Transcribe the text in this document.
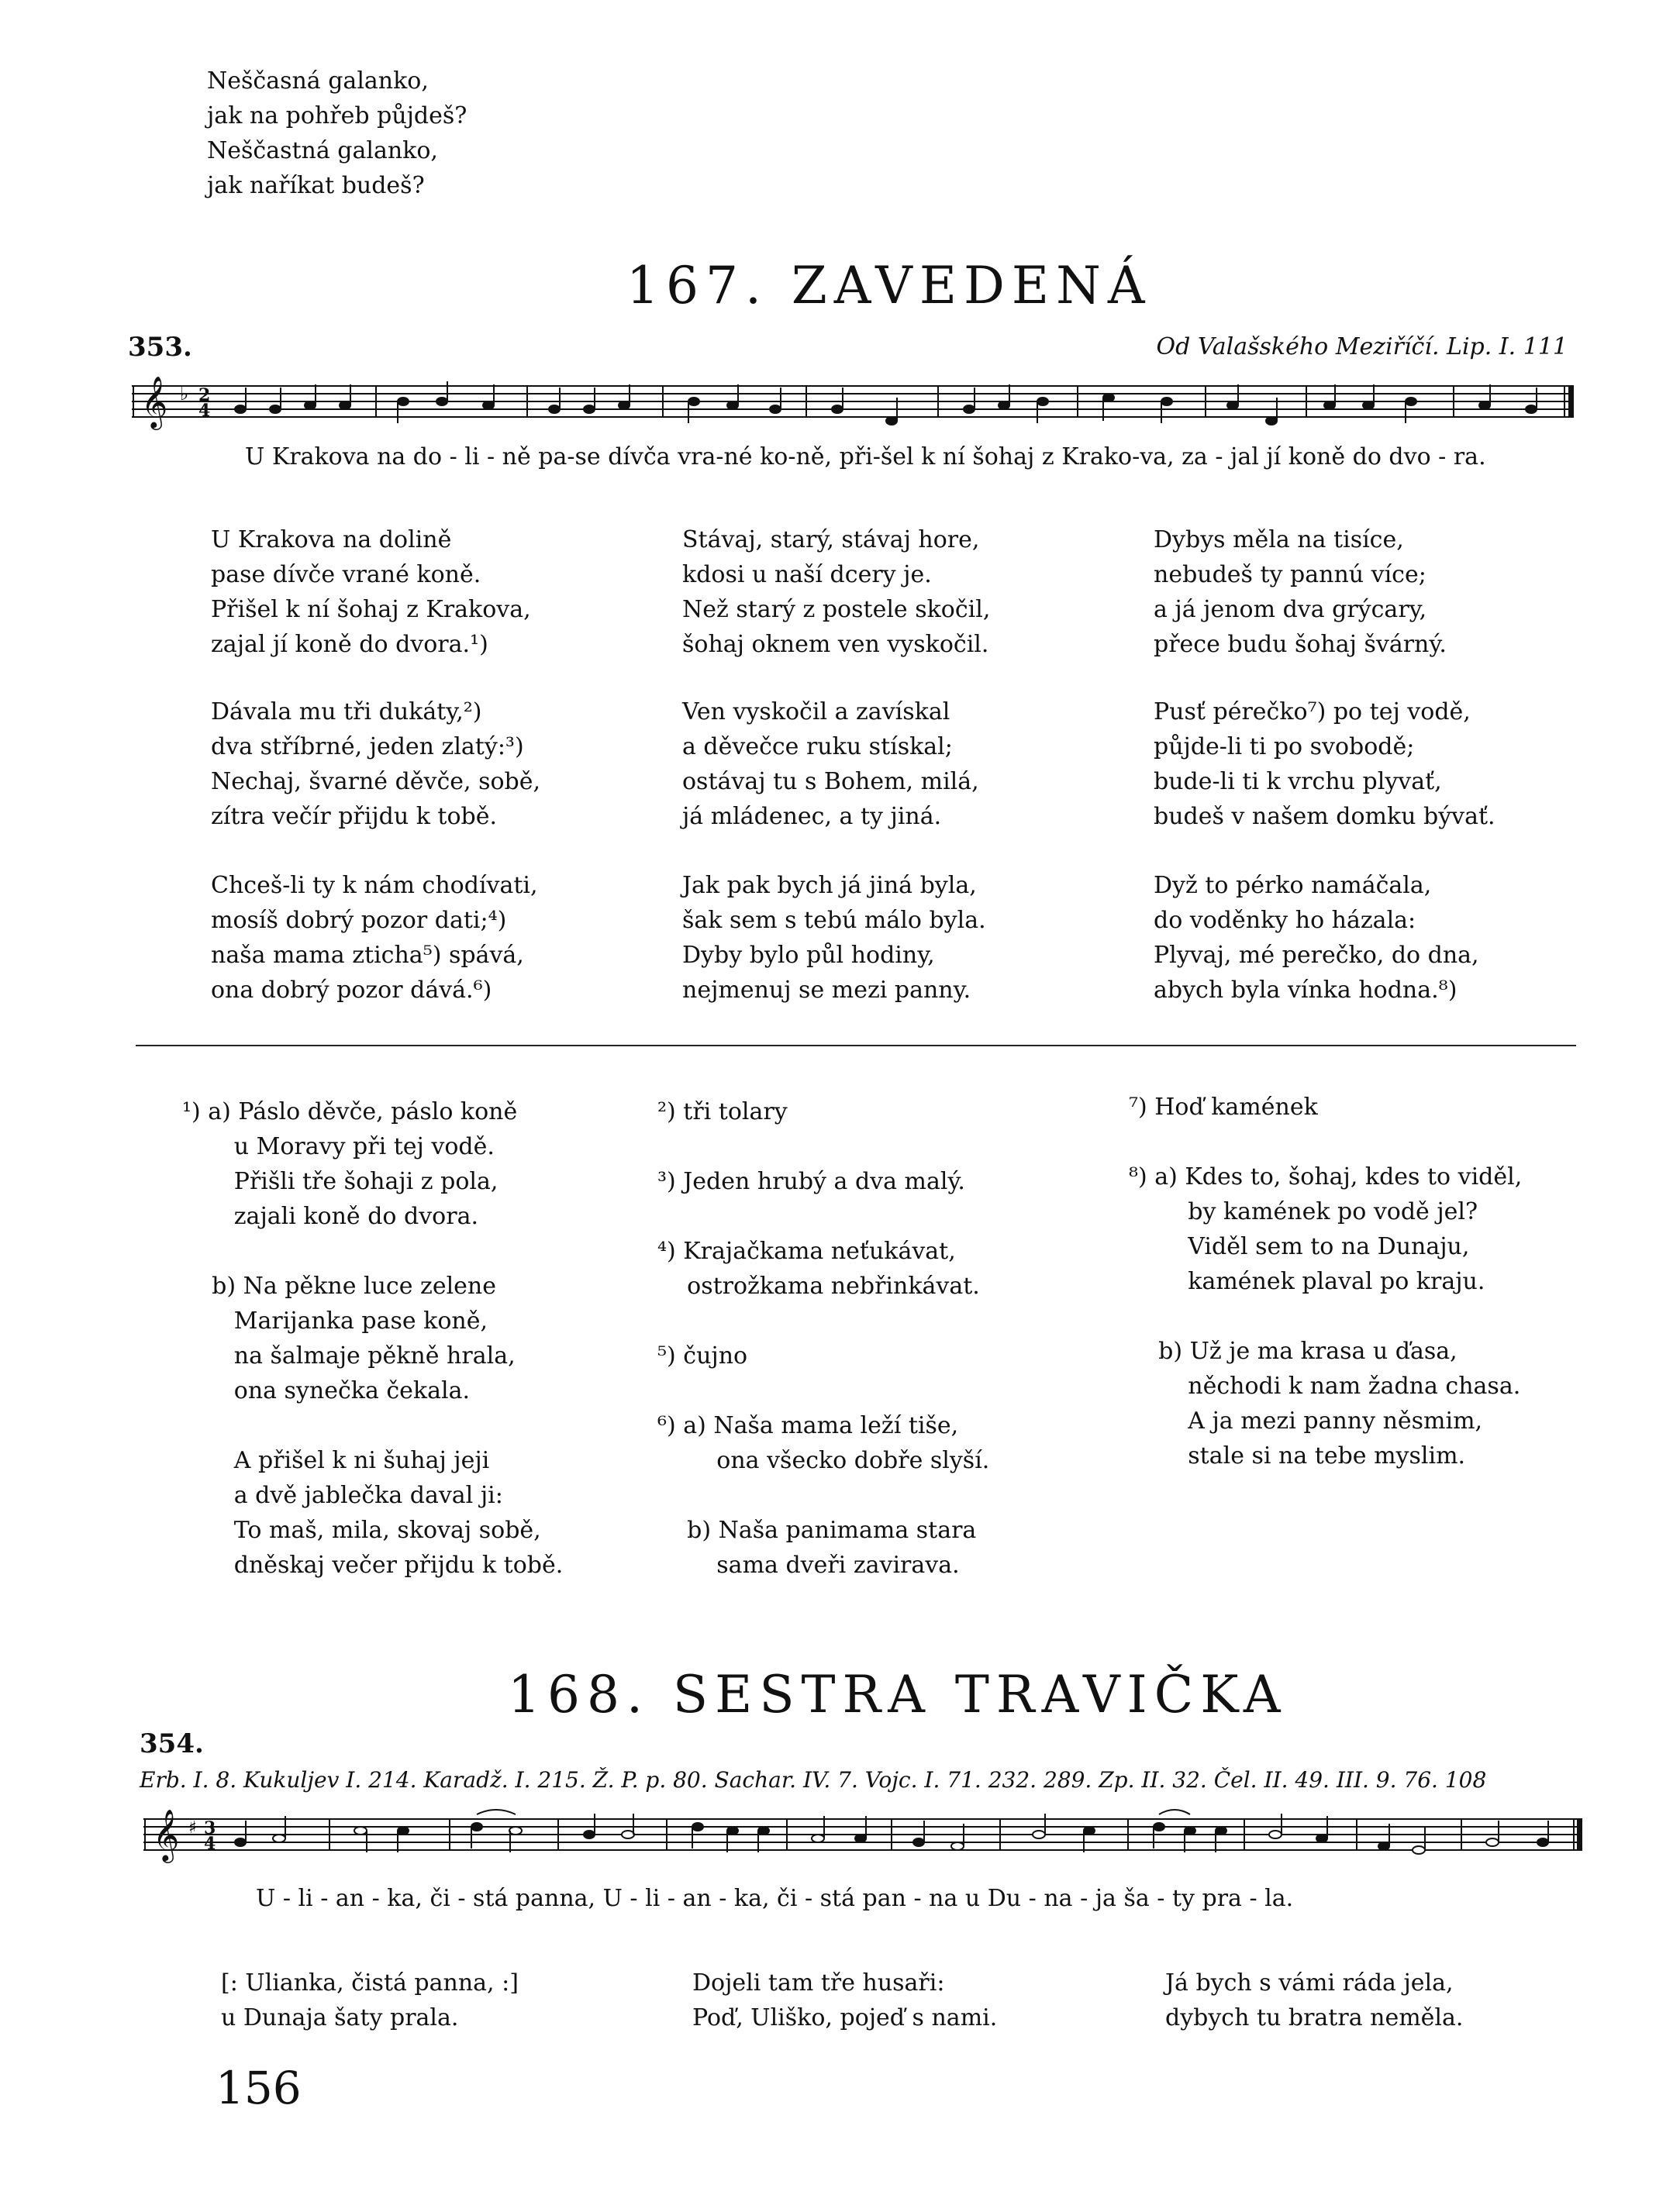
Neščasná galanko,
jak na pohřeb půjdeš?
Neščastná galanko,
jak naříkat budeš?
167. ZAVEDENÁ
353.	Od Valašského Meziříčí. Lip. I. 111
𝄞 ♭ 2
4
U Krakova na do - li - ně pa-se dívča vra-né ko-ně, při-šel k ní šohaj z Krako-va, za - jal jí koně do dvo - ra.
U Krakova na dolině
pase dívče vrané koně.
Přišel k ní šohaj z Krakova,
zajal jí koně do dvora.¹)
Stávaj, starý, stávaj hore,
kdosi u naší dcery je.
Než starý z postele skočil,
šohaj oknem ven vyskočil.
Dybys měla na tisíce,
nebudeš ty pannú více;
a já jenom dva grýcary,
přece budu šohaj švárný.
Dávala mu tři dukáty,²)
dva stříbrné, jeden zlatý:³)
Nechaj, švarné děvče, sobě,
zítra večír přijdu k tobě.
Ven vyskočil a zavískal
a děvečce ruku stískal;
ostávaj tu s Bohem, milá,
já mládenec, a ty jiná.
Pusť pérečko⁷) po tej vodě,
půjde-li ti po svobodě;
bude-li ti k vrchu plyvať,
budeš v našem domku bývať.
Chceš-li ty k nám chodívati,
mosíš dobrý pozor dati;⁴)
naša mama zticha⁵) spává,
ona dobrý pozor dává.⁶)
Jak pak bych já jiná byla,
šak sem s tebú málo byla.
Dyby bylo půl hodiny,
nejmenuj se mezi panny.
Dyž to pérko namáčala,
do voděnky ho házala:
Plyvaj, mé perečko, do dna,
abych byla vínka hodna.⁸)
¹) a) Páslo děvče, páslo koně
u Moravy při tej vodě.
Přišli tře šohaji z pola,
zajali koně do dvora.

b) Na pěkne luce zelene
Marijanka pase koně,
na šalmaje pěkně hrala,
ona synečka čekala.

A přišel k ni šuhaj jeji
a dvě jablečka daval ji:
To maš, mila, skovaj sobě,
dněskaj večer přijdu k tobě.
²) tři tolary

³) Jeden hrubý a dva malý.

⁴) Krajačkama neťukávat,
ostrožkama nebřinkávat.

⁵) čujno

⁶) a) Naša mama leží tiše,
ona všecko dobře slyší.

b) Naša panimama stara
sama dveři zavirava.
⁷) Hoď kamének

⁸) a) Kdes to, šohaj, kdes to viděl,
by kamének po vodě jel?
Viděl sem to na Dunaju,
kamének plaval po kraju.

b) Už je ma krasa u ďasa,
něchodi k nam žadna chasa.
A ja mezi panny něsmim,
stale si na tebe myslim.
168. SESTRA TRAVIČKA
354.
Erb. I. 8. Kukuljev I. 214. Karadž. I. 215. Ž. P. p. 80. Sachar. IV. 7. Vojc. I. 71. 232. 289. Zp. II. 32. Čel. II. 49. III. 9. 76. 108
𝄞 ♯ 3
4
U - li - an - ka, či - stá panna, U - li - an - ka, či - stá pan - na u Du - na - ja ša - ty pra - la.
[: Ulianka, čistá panna, :]
u Dunaja šaty prala.
Dojeli tam tře husaři:
Poď, Uliško, pojeď s nami.
Já bych s vámi ráda jela,
dybych tu bratra neměla.
156
